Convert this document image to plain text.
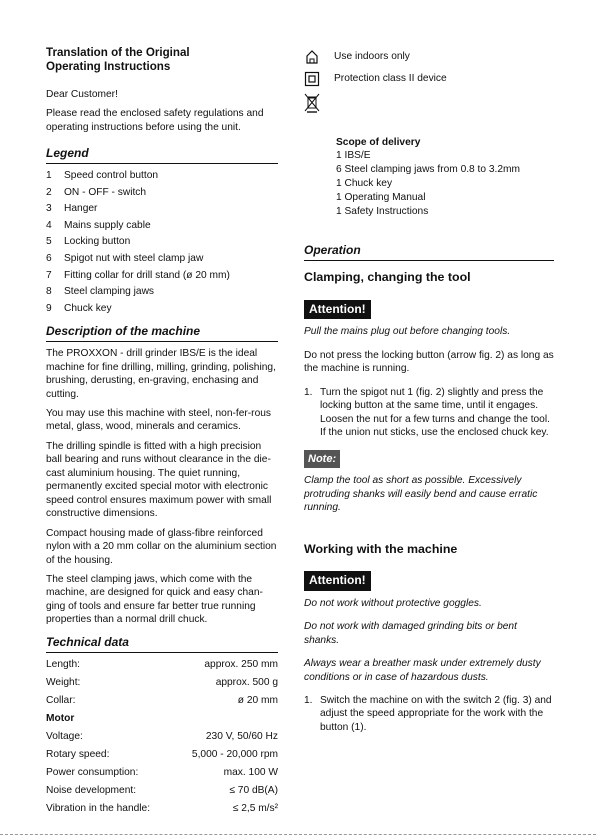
Translation of the Original
Operating Instructions

Dear Customer!

Please read the enclosed safety regulations and operating instructions before using the unit.

Legend
1	Speed control button
2	ON - OFF - switch
3	Hanger
4	Mains supply cable
5	Locking button
6	Spigot nut with steel clamp jaw
7	Fitting collar for drill stand (ø 20 mm)
8	Steel clamping jaws
9	Chuck key
Description of the machine

The PROXXON - drill grinder IBS/E is the ideal machine for fine drilling, milling, grinding, polishing, brushing, derusting, en-graving, enchasing and cutting.

You may use this machine with steel, non-fer-rous metal, glass, wood, minerals and ceramics.

The drilling spindle is fitted with a high precision ball bearing and runs without clearance in the die-cast aluminium housing. The quiet running, permanently excited special motor with electronic speed control ensures maximum power with small constructive dimensions.

Compact housing made of glass-fibre reinforced nylon with a 20 mm collar on the aluminium section of the housing.

The steel clamping jaws, which come with the machine, are designed for quick and easy chan-ging of tools and ensure far better true running properties than a normal drill chuck.

Technical data
Length:	approx. 250 mm
Weight:	approx. 500 g
Collar:	ø 20 mm
Motor
Voltage:	230 V, 50/60 Hz
Rotary speed:	5,000 - 20,000 rpm
Power consumption:	max. 100 W
Noise development:	≤ 70 dB(A)
Vibration in the handle:	≤ 2,5 m/s²
Use indoors only
Protection class II device
Scope of delivery
1 IBS/E
6 Steel clamping jaws from 0.8 to 3.2mm
1 Chuck key
1 Operating Manual
1 Safety Instructions
Operation
Clamping, changing the tool
Attention!

Pull the mains plug out before changing tools.

Do not press the locking button (arrow fig. 2) as long as the machine is running.

1. Turn the spigot nut 1 (fig. 2) slightly and press the locking button at the same time, until it engages. Loosen the nut for a few turns and change the tool. If the union nut sticks, use the enclosed chuck key.
Note:

Clamp the tool as short as possible. Excessively protruding shanks will easily bend and cause erratic running.

Working with the machine
Attention!

Do not work without protective goggles.

Do not work with damaged grinding bits or bent shanks.

Always wear a breather mask under extremely dusty conditions or in case of hazardous dusts.

1. Switch the machine on with the switch 2 (fig. 3) and adjust the speed appropriate for the work with the button (1).
